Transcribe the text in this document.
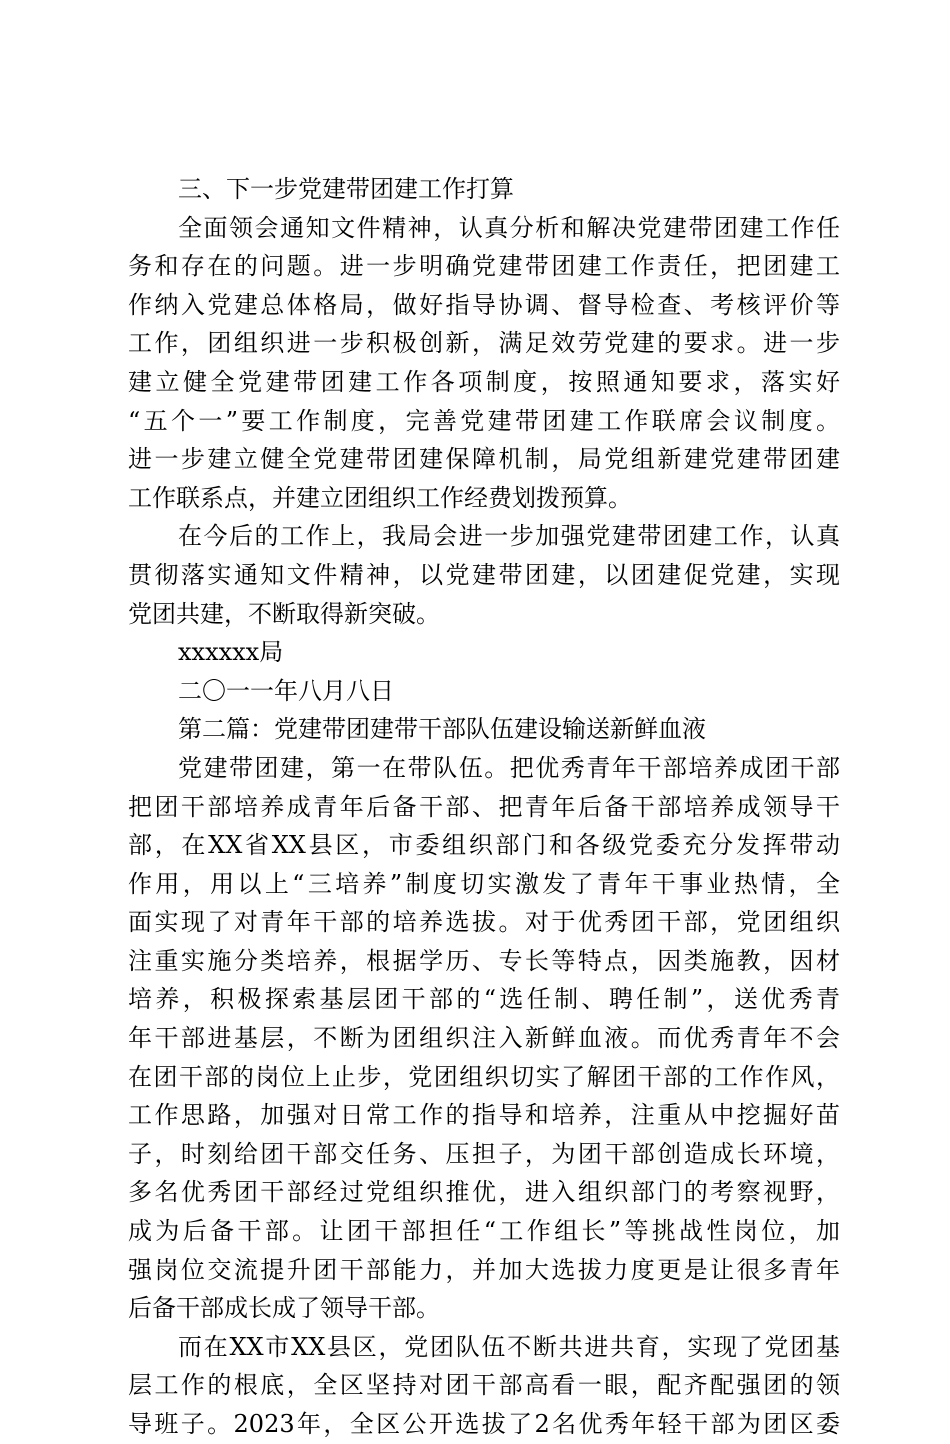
三、下一步党建带团建工作打算
全面领会通知文件精神，认真分析和解决党建带团建工作任
务和存在的问题。进一步明确党建带团建工作责任，把团建工
作纳入党建总体格局，做好指导协调、督导检查、考核评价等
工作，团组织进一步积极创新，满足效劳党建的要求。进一步
建立健全党建带团建工作各项制度，按照通知要求，落实好
“五个一”要工作制度，完善党建带团建工作联席会议制度。
进一步建立健全党建带团建保障机制，局党组新建党建带团建
工作联系点，并建立团组织工作经费划拨预算。
在今后的工作上，我局会进一步加强党建带团建工作，认真
贯彻落实通知文件精神，以党建带团建，以团建促党建，实现
党团共建，不断取得新突破。
xxxxxx局
二〇一一年八月八日
第二篇：党建带团建带干部队伍建设输送新鲜血液
党建带团建，第一在带队伍。把优秀青年干部培养成团干部
把团干部培养成青年后备干部、把青年后备干部培养成领导干
部，在XX省XX县区，市委组织部门和各级党委充分发挥带动
作用，用以上“三培养”制度切实激发了青年干事业热情，全
面实现了对青年干部的培养选拔。对于优秀团干部，党团组织
注重实施分类培养，根据学历、专长等特点，因类施教，因材
培养，积极探索基层团干部的“选任制、聘任制”，送优秀青
年干部进基层，不断为团组织注入新鲜血液。而优秀青年不会
在团干部的岗位上止步，党团组织切实了解团干部的工作作风，
工作思路，加强对日常工作的指导和培养，注重从中挖掘好苗
子，时刻给团干部交任务、压担子，为团干部创造成长环境，
多名优秀团干部经过党组织推优，进入组织部门的考察视野，
成为后备干部。让团干部担任“工作组长”等挑战性岗位，加
强岗位交流提升团干部能力，并加大选拔力度更是让很多青年
后备干部成长成了领导干部。
而在XX市XX县区，党团队伍不断共进共育，实现了党团基
层工作的根底，全区坚持对团干部高看一眼，配齐配强团的领
导班子。2023年，全区公开选拔了2名优秀年轻干部为团区委
